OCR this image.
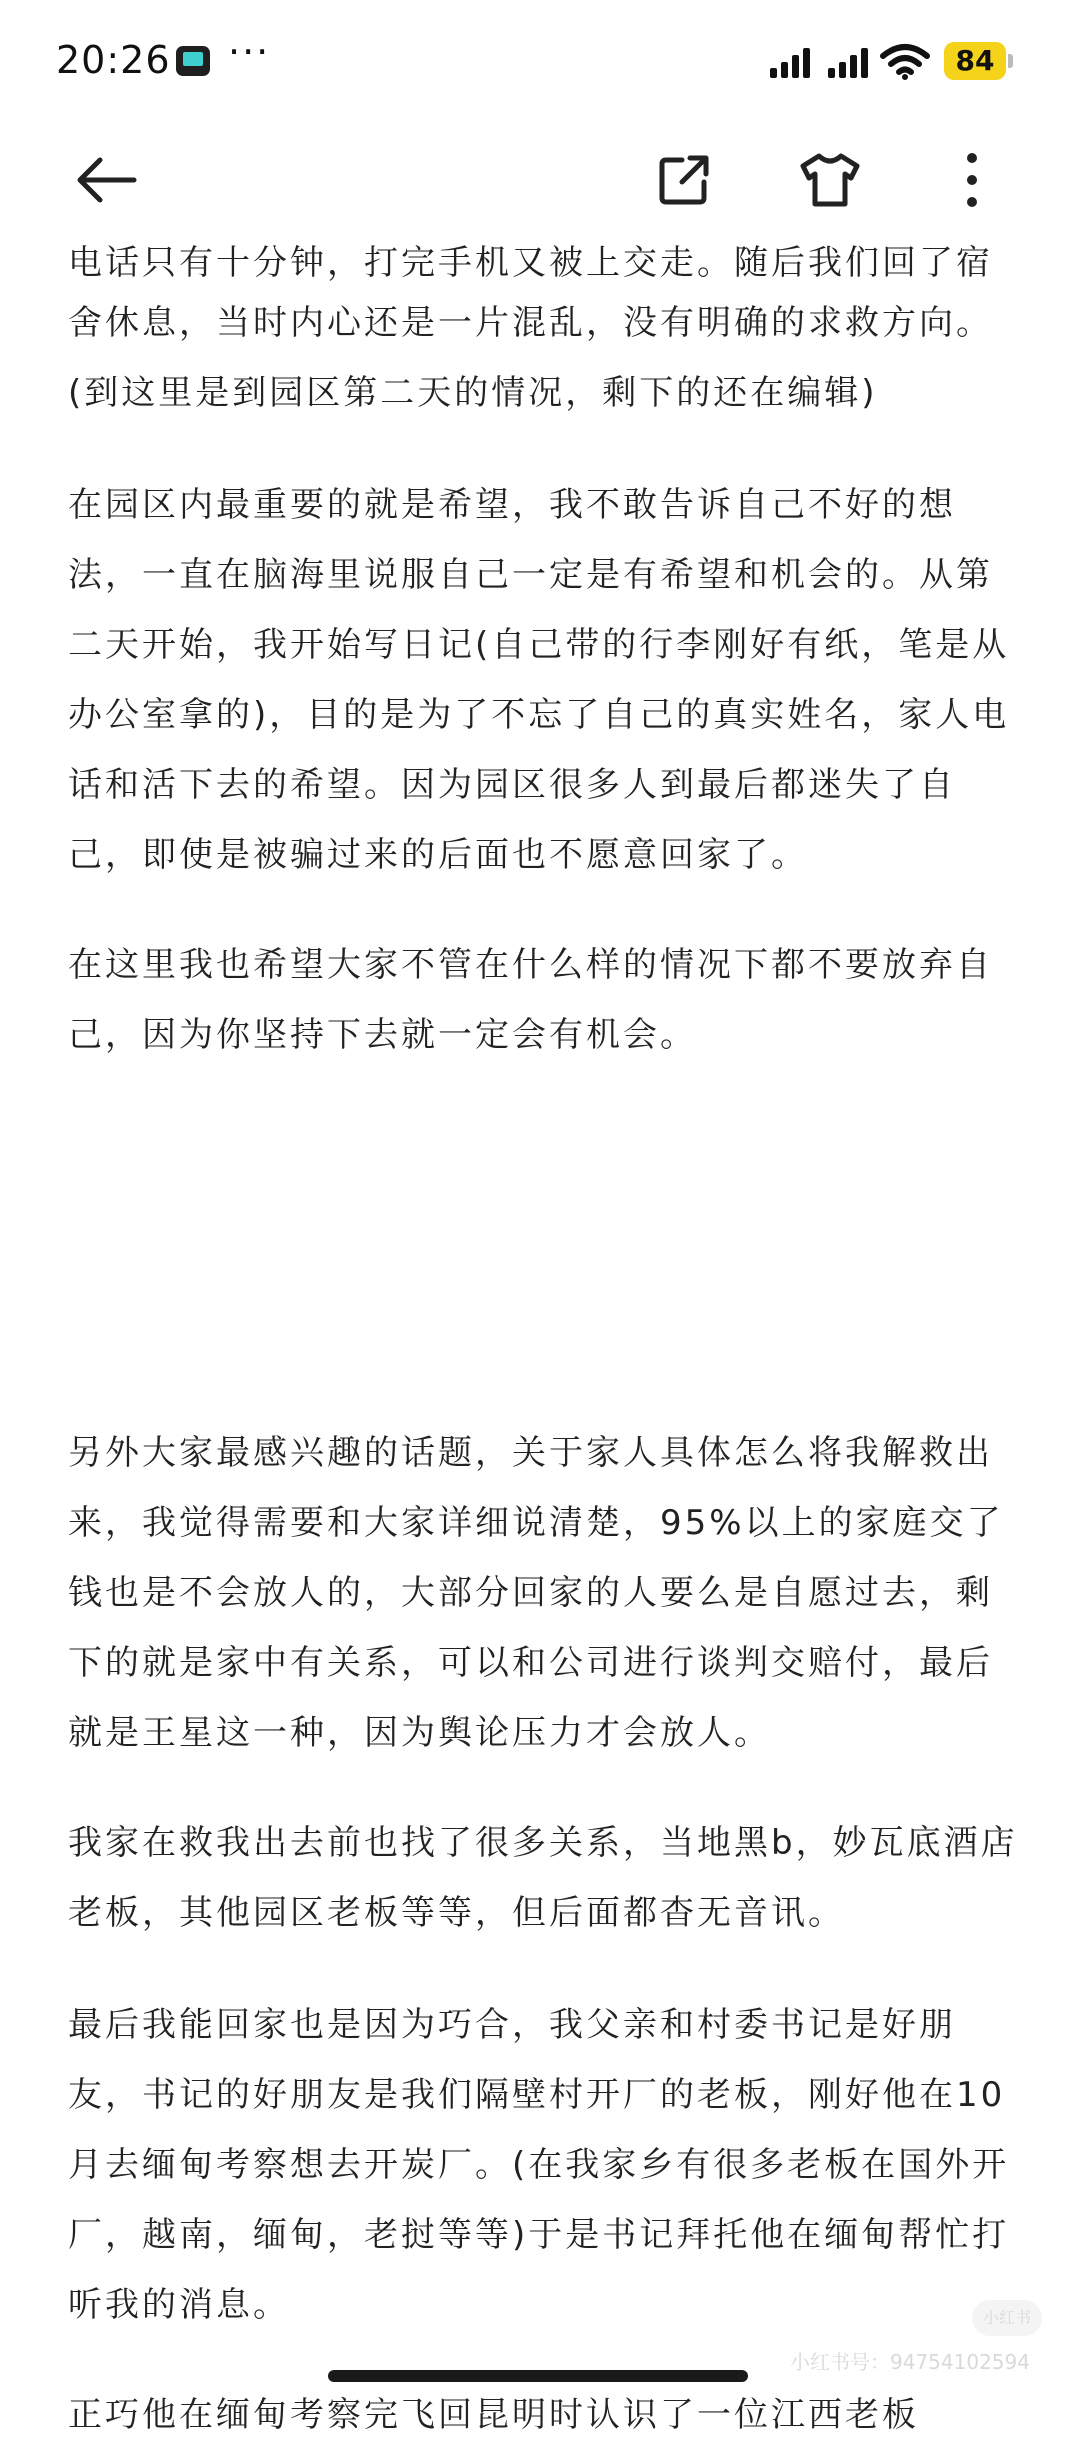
20:26 ···	84

电话只有十分钟，打完手机又被上交走。随后我们回了宿

舍休息，当时内心还是一片混乱，没有明确的求救方向。(到这里是到园区第二天的情况，剩下的还在编辑)

在园区内最重要的就是希望，我不敢告诉自己不好的想法，一直在脑海里说服自己一定是有希望和机会的。从第二天开始，我开始写日记(自己带的行李刚好有纸，笔是从办公室拿的)，目的是为了不忘了自己的真实姓名，家人电话和活下去的希望。因为园区很多人到最后都迷失了自己，即使是被骗过来的后面也不愿意回家了。

在这里我也希望大家不管在什么样的情况下都不要放弃自己，因为你坚持下去就一定会有机会。

另外大家最感兴趣的话题，关于家人具体怎么将我解救出来，我觉得需要和大家详细说清楚，95%以上的家庭交了钱也是不会放人的，大部分回家的人要么是自愿过去，剩下的就是家中有关系，可以和公司进行谈判交赔付，最后就是王星这一种，因为舆论压力才会放人。

我家在救我出去前也找了很多关系，当地黑b，妙瓦底酒店老板，其他园区老板等等，但后面都杳无音讯。

最后我能回家也是因为巧合，我父亲和村委书记是好朋友，书记的好朋友是我们隔壁村开厂的老板，刚好他在10月去缅甸考察想去开炭厂。(在我家乡有很多老板在国外开厂，越南，缅甸，老挝等等)于是书记拜托他在缅甸帮忙打听我的消息。

正巧他在缅甸考察完飞回昆明时认识了一位江西老板

小红书
小红书号：94754102594
